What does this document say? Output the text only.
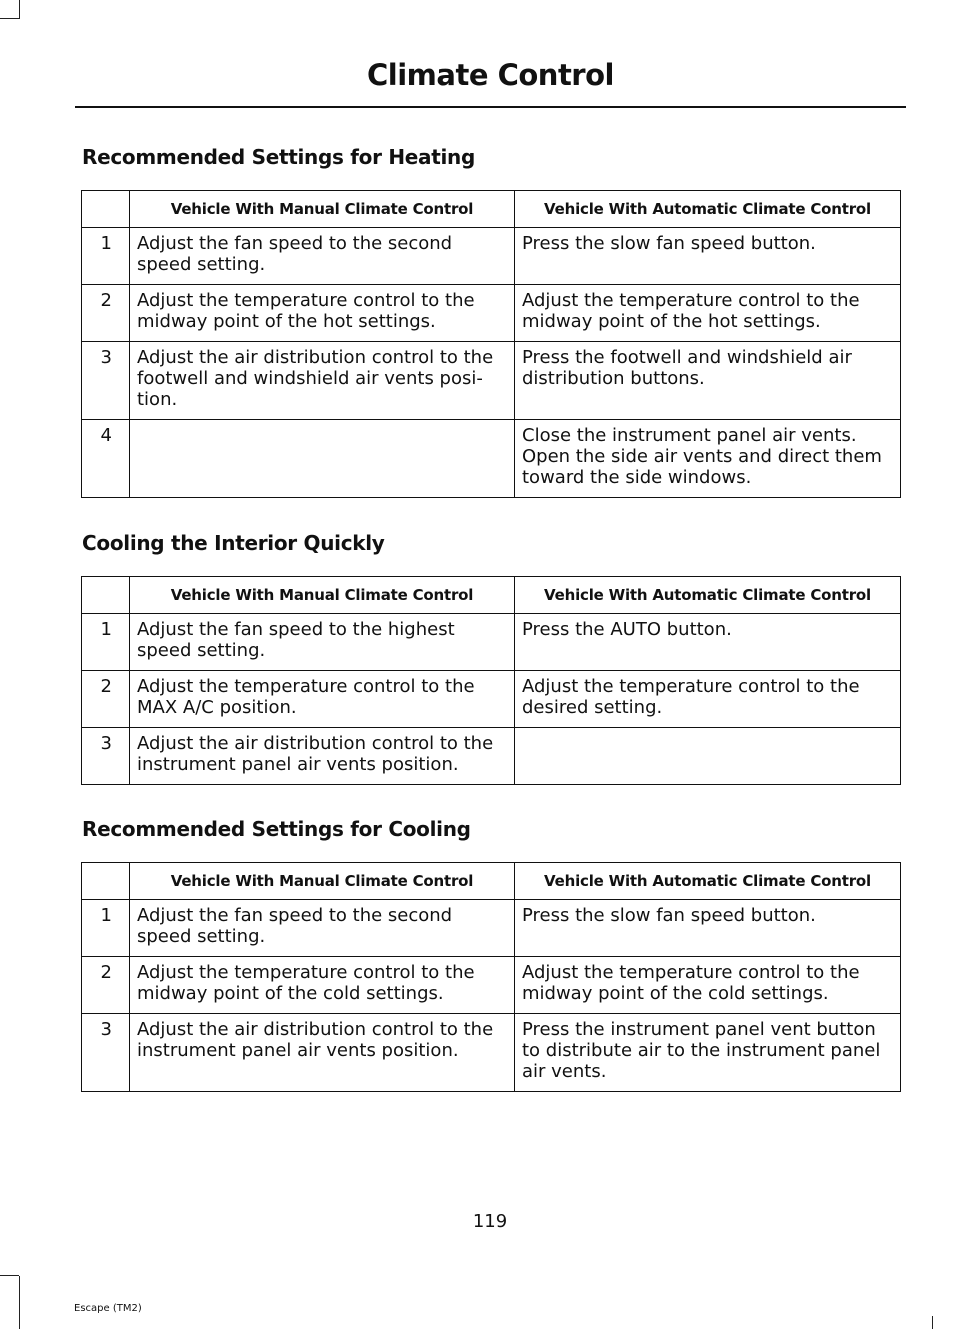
Climate Control
Recommended Settings for Heating
	Vehicle With Manual Climate Control	Vehicle With Automatic Climate Control
1	Adjust the fan speed to the second speed setting.	Press the slow fan speed button.
2	Adjust the temperature control to the midway point of the hot settings.	Adjust the temperature control to the midway point of the hot settings.
3	Adjust the air distribution control to the footwell and windshield air vents posi-tion.	Press the footwell and windshield air distribution buttons.
4		Close the instrument panel air vents. Open the side air vents and direct them toward the side windows.
Cooling the Interior Quickly
	Vehicle With Manual Climate Control	Vehicle With Automatic Climate Control
1	Adjust the fan speed to the highest speed setting.	Press the AUTO button.
2	Adjust the temperature control to the MAX A/C position.	Adjust the temperature control to the desired setting.
3	Adjust the air distribution control to the instrument panel air vents position.	
Recommended Settings for Cooling
	Vehicle With Manual Climate Control	Vehicle With Automatic Climate Control
1	Adjust the fan speed to the second speed setting.	Press the slow fan speed button.
2	Adjust the temperature control to the midway point of the cold settings.	Adjust the temperature control to the midway point of the cold settings.
3	Adjust the air distribution control to the instrument panel air vents position.	Press the instrument panel vent button to distribute air to the instrument panel air vents.
119
Escape (TM2)
